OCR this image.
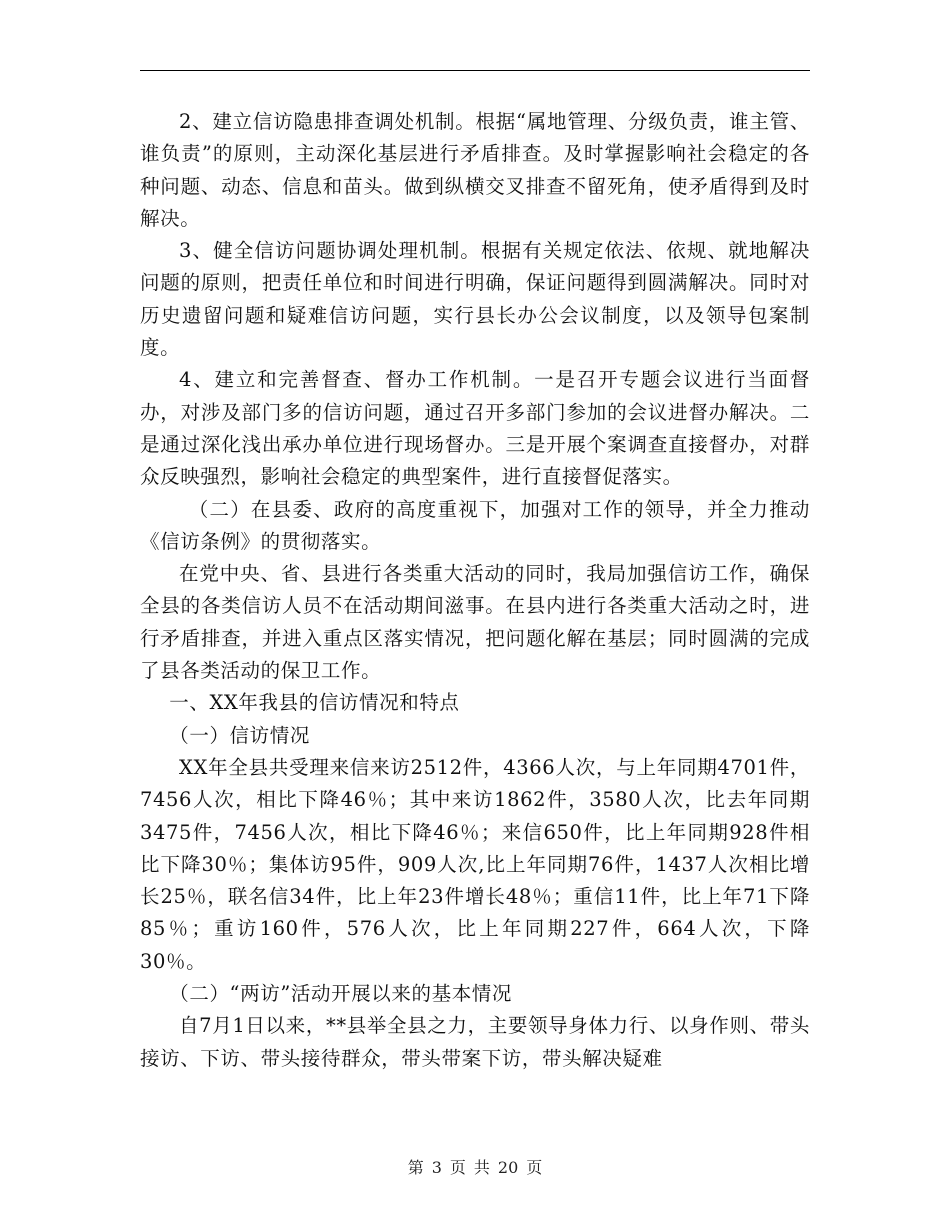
2、建立信访隐患排查调处机制。根据“属地管理、分级负责，谁主管、谁负责”的原则，主动深化基层进行矛盾排查。及时掌握影响社会稳定的各种问题、动态、信息和苗头。做到纵横交叉排查不留死角，使矛盾得到及时解决。

3、健全信访问题协调处理机制。根据有关规定依法、依规、就地解决问题的原则，把责任单位和时间进行明确，保证问题得到圆满解决。同时对历史遗留问题和疑难信访问题，实行县长办公会议制度，以及领导包案制度。

4、建立和完善督查、督办工作机制。一是召开专题会议进行当面督办，对涉及部门多的信访问题，通过召开多部门参加的会议进督办解决。二是通过深化浅出承办单位进行现场督办。三是开展个案调查直接督办，对群众反映强烈，影响社会稳定的典型案件，进行直接督促落实。

（二）在县委、政府的高度重视下，加强对工作的领导，并全力推动《信访条例》的贯彻落实。

在党中央、省、县进行各类重大活动的同时，我局加强信访工作，确保全县的各类信访人员不在活动期间滋事。在县内进行各类重大活动之时，进行矛盾排查，并进入重点区落实情况，把问题化解在基层；同时圆满的完成了县各类活动的保卫工作。

一、XX年我县的信访情况和特点

（一）信访情况

XX年全县共受理来信来访2512件，4366人次，与上年同期4701件，7456人次，相比下降46％；其中来访1862件，3580人次，比去年同期3475件，7456人次，相比下降46％；来信650件，比上年同期928件相比下降30％；集体访95件，909人次,比上年同期76件，1437人次相比增长25％，联名信34件，比上年23件增长48％；重信11件，比上年71下降85％；重访160件，576人次，比上年同期227件，664人次，下降30％。

（二）“两访”活动开展以来的基本情况

自7月1日以来，**县举全县之力，主要领导身体力行、以身作则、带头接访、下访、带头接待群众，带头带案下访，带头解决疑难

第 3 页 共 20 页
